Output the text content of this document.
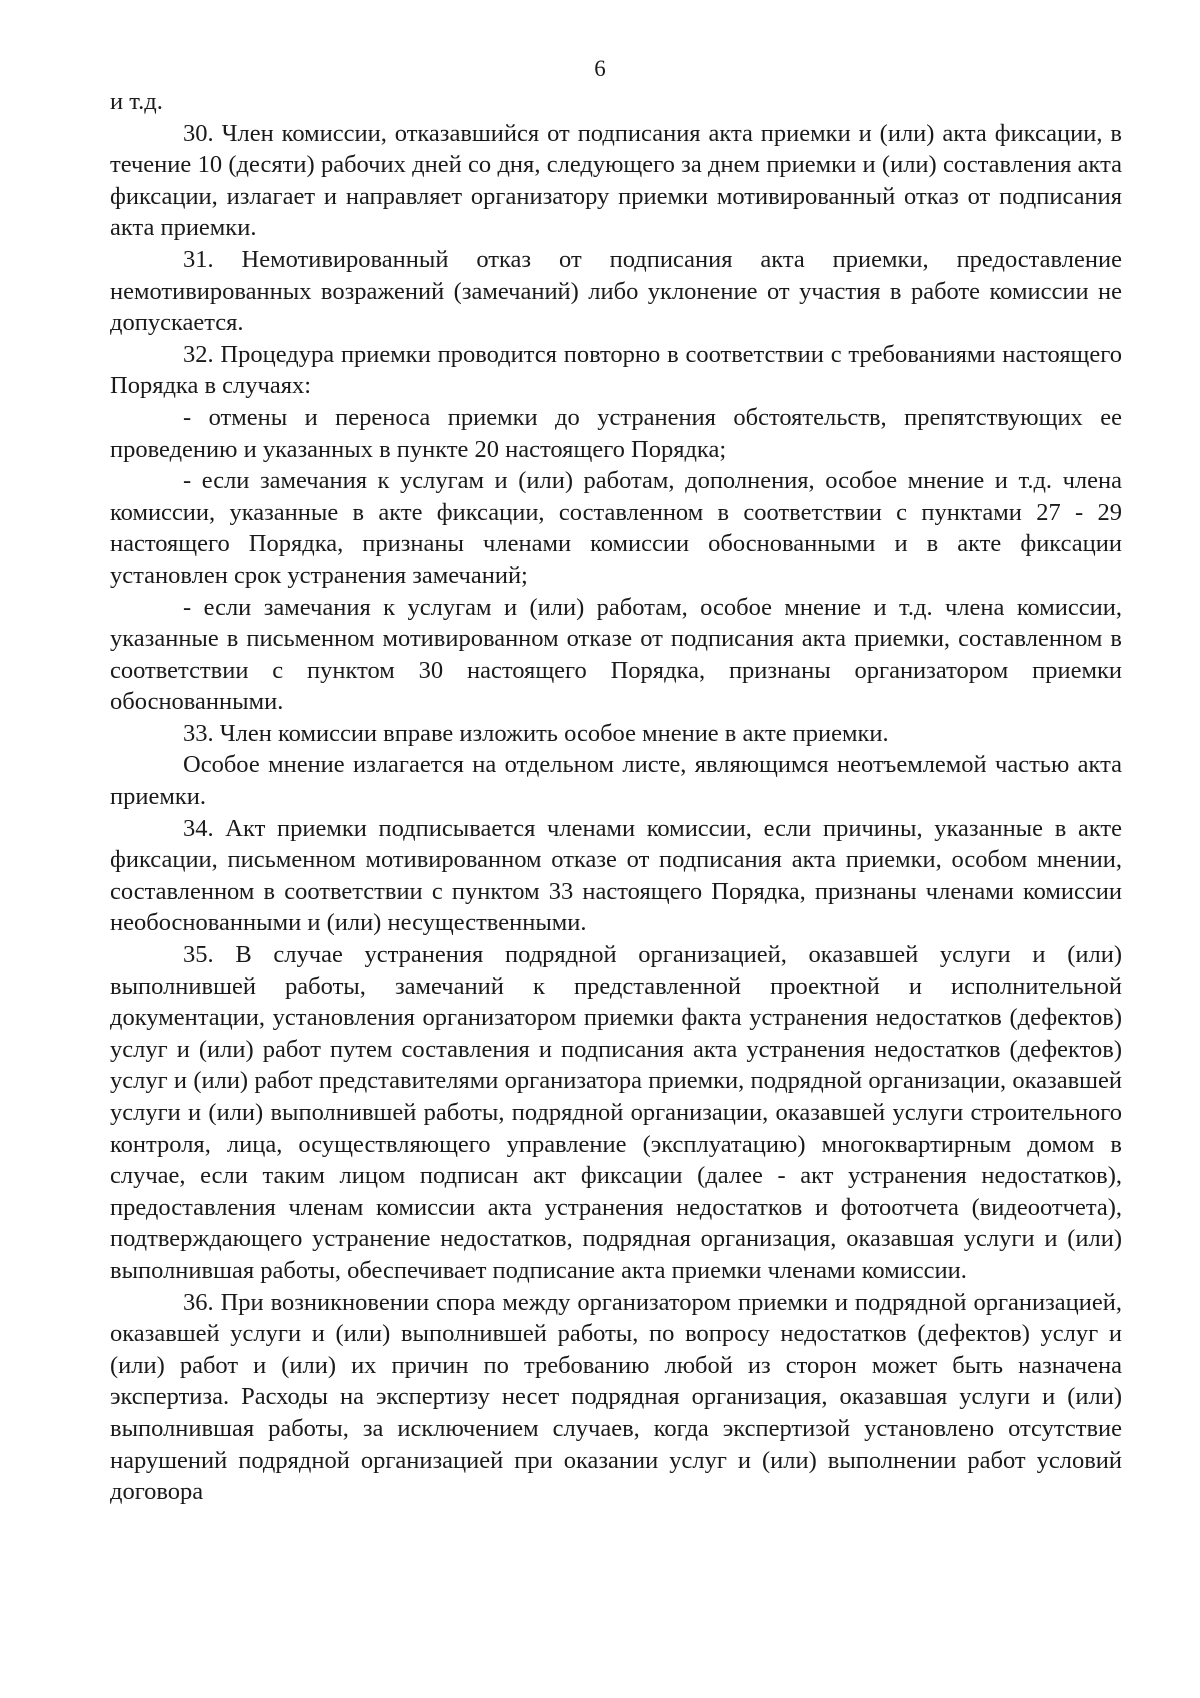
6

и т.д.

30. Член комиссии, отказавшийся от подписания акта приемки и (или) акта фиксации, в течение 10 (десяти) рабочих дней со дня, следующего за днем приемки и (или) составления акта фиксации, излагает и направляет организатору приемки мотивированный отказ от подписания акта приемки.

31. Немотивированный отказ от подписания акта приемки, предоставление немотивированных возражений (замечаний) либо уклонение от участия в работе комиссии не допускается.

32. Процедура приемки проводится повторно в соответствии с требованиями настоящего Порядка в случаях:

- отмены и переноса приемки до устранения обстоятельств, препятствующих ее проведению и указанных в пункте 20 настоящего Порядка;

- если замечания к услугам и (или) работам, дополнения, особое мнение и т.д. члена комиссии, указанные в акте фиксации, составленном в соответствии с пунктами 27 - 29 настоящего Порядка, признаны членами комиссии обоснованными и в акте фиксации установлен срок устранения замечаний;

- если замечания к услугам и (или) работам, особое мнение и т.д. члена комиссии, указанные в письменном мотивированном отказе от подписания акта приемки, составленном в соответствии с пунктом 30 настоящего Порядка, признаны организатором приемки обоснованными.

33. Член комиссии вправе изложить особое мнение в акте приемки.

Особое мнение излагается на отдельном листе, являющимся неотъемлемой частью акта приемки.

34. Акт приемки подписывается членами комиссии, если причины, указанные в акте фиксации, письменном мотивированном отказе от подписания акта приемки, особом мнении, составленном в соответствии с пунктом 33 настоящего Порядка, признаны членами комиссии необоснованными и (или) несущественными.

35. В случае устранения подрядной организацией, оказавшей услуги и (или) выполнившей работы, замечаний к представленной проектной и исполнительной документации, установления организатором приемки факта устранения недостатков (дефектов) услуг и (или) работ путем составления и подписания акта устранения недостатков (дефектов) услуг и (или) работ представителями организатора приемки, подрядной организации, оказавшей услуги и (или) выполнившей работы, подрядной организации, оказавшей услуги строительного контроля, лица, осуществляющего управление (эксплуатацию) многоквартирным домом в случае, если таким лицом подписан акт фиксации (далее - акт устранения недостатков), предоставления членам комиссии акта устранения недостатков и фотоотчета (видеоотчета), подтверждающего устранение недостатков, подрядная организация, оказавшая услуги и (или) выполнившая работы, обеспечивает подписание акта приемки членами комиссии.

36. При возникновении спора между организатором приемки и подрядной организацией, оказавшей услуги и (или) выполнившей работы, по вопросу недостатков (дефектов) услуг и (или) работ и (или) их причин по требованию любой из сторон может быть назначена экспертиза. Расходы на экспертизу несет подрядная организация, оказавшая услуги и (или) выполнившая работы, за исключением случаев, когда экспертизой установлено отсутствие нарушений подрядной организацией при оказании услуг и (или) выполнении работ условий договора
